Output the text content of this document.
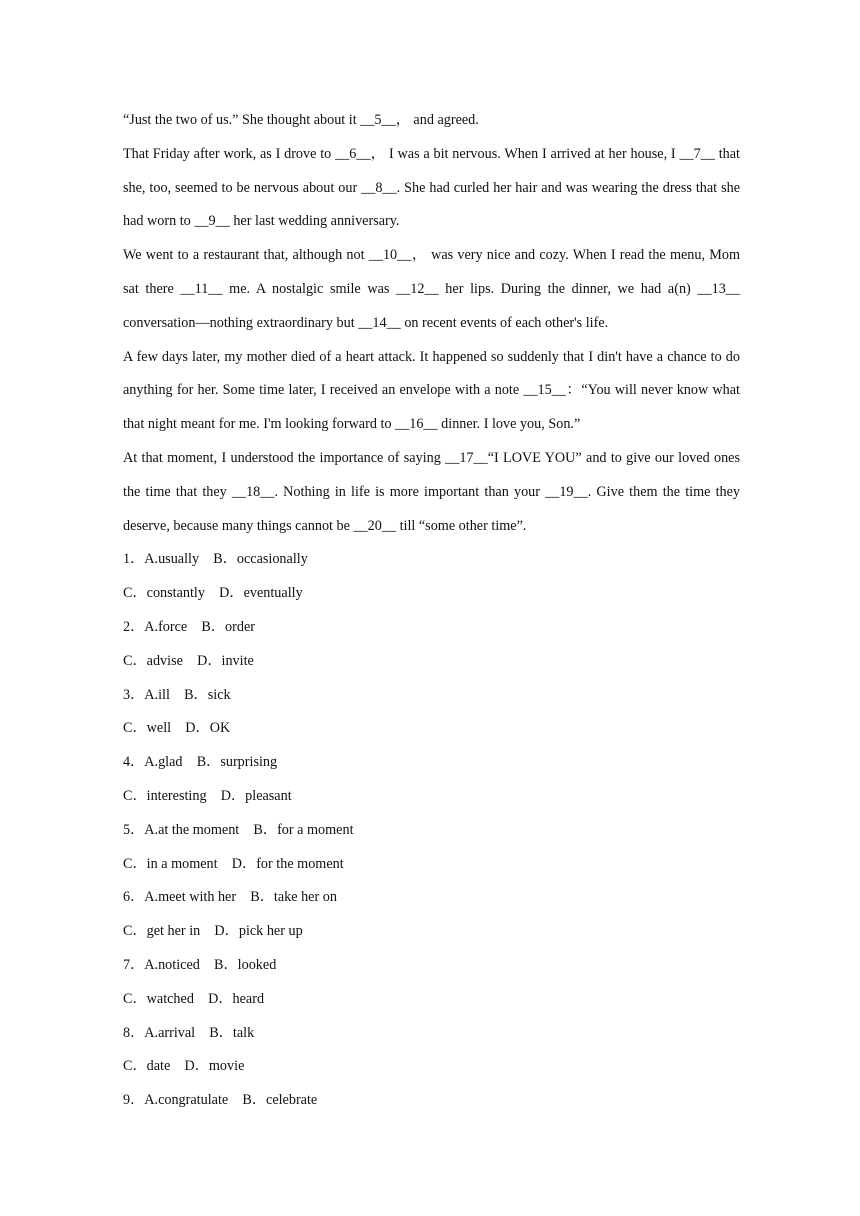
“Just the two of us.” She thought about it __5__， and agreed.

That Friday after work, as I drove to __6__， I was a bit nervous. When I arrived at her house, I __7__ that she, too, seemed to be nervous about our __8__. She had curled her hair and was wearing the dress that she had worn to __9__ her last wedding anniversary.

We went to a restaurant that, although not __10__， was very nice and cozy. When I read the menu, Mom sat there __11__ me. A nostalgic smile was __12__ her lips. During the dinner, we had a(n) __13__ conversation—nothing extraordinary but __14__ on recent events of each other's life.

A few days later, my mother died of a heart attack. It happened so suddenly that I din't have a chance to do anything for her. Some time later, I received an envelope with a note __15__：“You will never know what that night meant for me. I'm looking forward to __16__ dinner. I love you, Son.”

At that moment, I understood the importance of saying __17__“I LOVE YOU” and to give our loved ones the time that they __18__. Nothing in life is more important than your __19__. Give them the time they deserve, because many things cannot be __20__ till “some other time”.

1．A.usually    B．occasionally

C．constantly    D．eventually

2．A.force    B．order

C．advise    D．invite

3．A.ill    B．sick

C．well    D．OK

4．A.glad    B．surprising

C．interesting    D．pleasant

5．A.at the moment    B．for a moment

C．in a moment    D．for the moment

6．A.meet with her    B．take her on

C．get her in    D．pick her up

7．A.noticed    B．looked

C．watched    D．heard

8．A.arrival    B．talk

C．date    D．movie

9．A.congratulate    B．celebrate
